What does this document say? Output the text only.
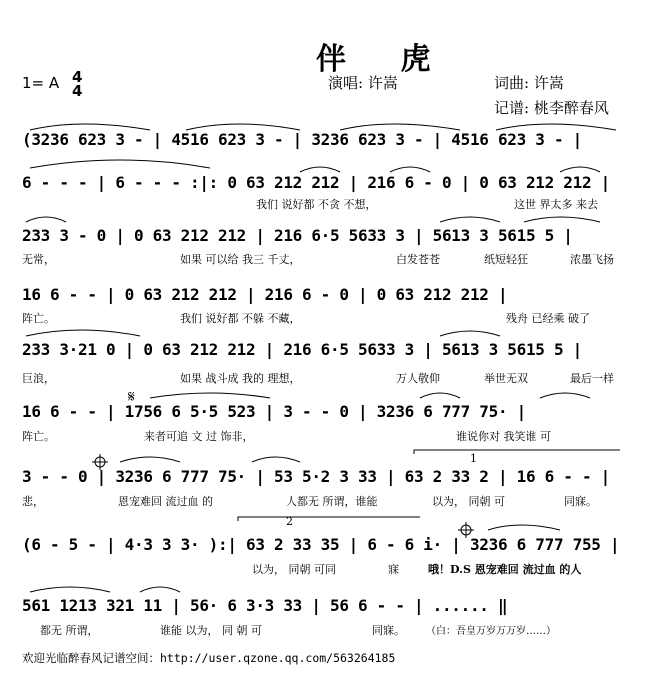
伴 虎
1= A 4
4	演唱: 许嵩	词曲: 许嵩
记谱: 桃李醉春风
(3236 623 3 - | 4516 623 3 - | 3236 623 3 - | 4516 623 3 - |
6 - - - | 6 - - - :|: 0 63 212 212 | 216 6 - 0 | 0 63 212 212 |
我们 说好都 不贪 不想，	这世 界太多 来去
233 3 - 0 | 0 63 212 212 | 216 6·5 5633 3 | 5613 3 5615 5 |
无常，	如果 可以给 我三 千丈，	白发苍苍	纸短轻狂	浓墨飞扬
16 6 - - | 0 63 212 212 | 216 6 - 0 | 0 63 212 212 |
阵亡。	我们 说好都 不躲 不藏，	残舟 已经乘 破了
233 3·21 0 | 0 63 212 212 | 216 6·5 5633 3 | 5613 3 5615 5 |
巨浪，	如果 战斗成 我的 理想，	万人敬仰	举世无双	最后一样
16 6 - - | 1756 6 5·5 523 | 3 - - 0 | 3236 6 777 75· |
阵亡。	来者可追 文 过 饰非，	谁说你对 我笑谁 可
3 - - 0 | 3236 6 777 75· | 53 5·2 3 33 | 63 2 33 2 | 16 6 - - |
悲，	恩宠难回 流过血 的	人都无 所谓，谁能	以为， 同朝 可	同寐。
(6 - 5 - | 4·3 3 3· ):| 63 2 33 35 | 6 - 6 i· | 3236 6 777 755 |
以为， 同朝 可同	寐	哦！D.S 恩宠难回 流过血 的人
561 1213 321 11 | 56· 6 3·3 33 | 56 6 - - | ...... ‖
都无 所谓，	谁能 以为， 同 朝 可	同寐。 （白：吾皇万岁万万岁……）
1
2
欢迎光临醉春风记谱空间：http://user.qzone.qq.com/563264185
𝄋
